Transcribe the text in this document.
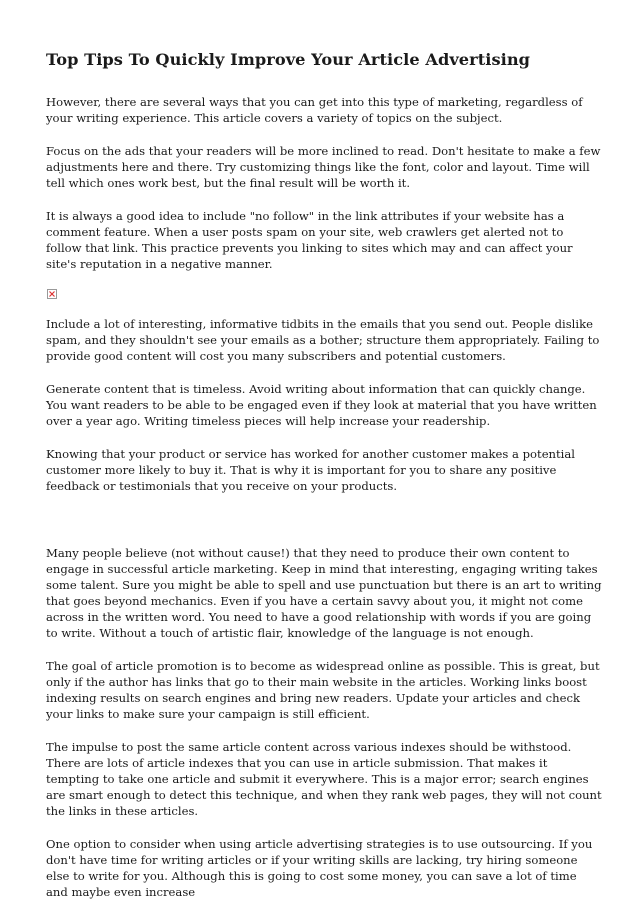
Top Tips To Quickly Improve Your Article Advertising

However, there are several ways that you can get into this type of marketing, regardless of your writing experience. This article covers a variety of topics on the subject.

Focus on the ads that your readers will be more inclined to read. Don't hesitate to make a few adjustments here and there. Try customizing things like the font, color and layout. Time will tell which ones work best, but the final result will be worth it.

It is always a good idea to include "no follow" in the link attributes if your website has a comment feature. When a user posts spam on your site, web crawlers get alerted not to follow that link. This practice prevents you linking to sites which may and can affect your site's reputation in a negative manner.

Include a lot of interesting, informative tidbits in the emails that you send out. People dislike spam, and they shouldn't see your emails as a bother; structure them appropriately. Failing to provide good content will cost you many subscribers and potential customers.

Generate content that is timeless. Avoid writing about information that can quickly change. You want readers to be able to be engaged even if they look at material that you have written over a year ago. Writing timeless pieces will help increase your readership.

Knowing that your product or service has worked for another customer makes a potential customer more likely to buy it. That is why it is important for you to share any positive feedback or testimonials that you receive on your products.

Many people believe (not without cause!) that they need to produce their own content to engage in successful article marketing. Keep in mind that interesting, engaging writing takes some talent. Sure you might be able to spell and use punctuation but there is an art to writing that goes beyond mechanics. Even if you have a certain savvy about you, it might not come across in the written word. You need to have a good relationship with words if you are going to write. Without a touch of artistic flair, knowledge of the language is not enough.

The goal of article promotion is to become as widespread online as possible. This is great, but only if the author has links that go to their main website in the articles. Working links boost indexing results on search engines and bring new readers. Update your articles and check your links to make sure your campaign is still efficient.

The impulse to post the same article content across various indexes should be withstood. There are lots of article indexes that you can use in article submission. That makes it tempting to take one article and submit it everywhere. This is a major error; search engines are smart enough to detect this technique, and when they rank web pages, they will not count the links in these articles.

One option to consider when using article advertising strategies is to use outsourcing. If you don't have time for writing articles or if your writing skills are lacking, try hiring someone else to write for you. Although this is going to cost some money, you can save a lot of time and maybe even increase
